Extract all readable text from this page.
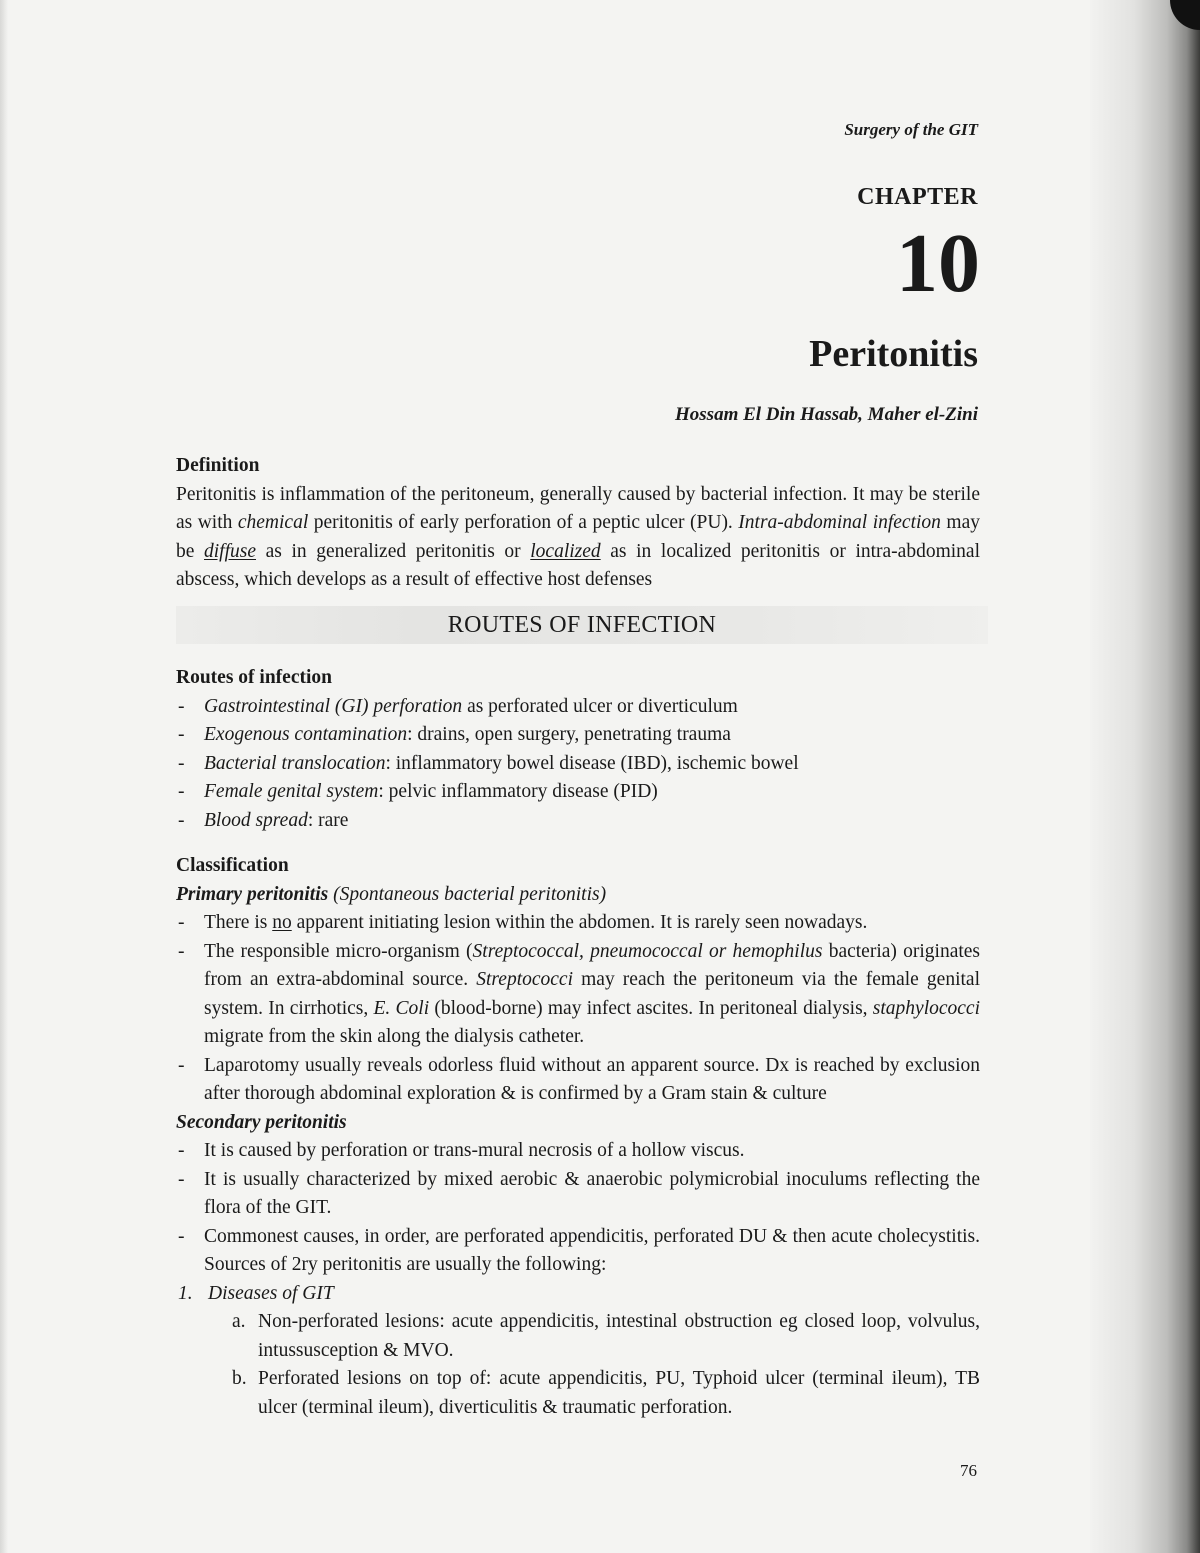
Surgery of the GIT
CHAPTER
10
Peritonitis
Hossam El Din Hassab, Maher el-Zini
Definition
Peritonitis is inflammation of the peritoneum, generally caused by bacterial infection. It may be sterile as with chemical peritonitis of early perforation of a peptic ulcer (PU). Intra-abdominal infection may be diffuse as in generalized peritonitis or localized as in localized peritonitis or intra-abdominal abscess, which develops as a result of effective host defenses
ROUTES OF INFECTION
Routes of infection
- Gastrointestinal (GI) perforation as perforated ulcer or diverticulum
- Exogenous contamination: drains, open surgery, penetrating trauma
- Bacterial translocation: inflammatory bowel disease (IBD), ischemic bowel
- Female genital system: pelvic inflammatory disease (PID)
- Blood spread: rare
Classification
Primary peritonitis (Spontaneous bacterial peritonitis)
- There is no apparent initiating lesion within the abdomen. It is rarely seen nowadays.
- The responsible micro-organism (Streptococcal, pneumococcal or hemophilus bacteria) originates from an extra-abdominal source. Streptococci may reach the peritoneum via the female genital system. In cirrhotics, E. Coli (blood-borne) may infect ascites. In peritoneal dialysis, staphylococci migrate from the skin along the dialysis catheter.
- Laparotomy usually reveals odorless fluid without an apparent source. Dx is reached by exclusion after thorough abdominal exploration & is confirmed by a Gram stain & culture
Secondary peritonitis
- It is caused by perforation or trans-mural necrosis of a hollow viscus.
- It is usually characterized by mixed aerobic & anaerobic polymicrobial inoculums reflecting the flora of the GIT.
- Commonest causes, in order, are perforated appendicitis, perforated DU & then acute cholecystitis. Sources of 2ry peritonitis are usually the following:
1. Diseases of GIT
a. Non-perforated lesions: acute appendicitis, intestinal obstruction eg closed loop, volvulus, intussusception & MVO.
b. Perforated lesions on top of: acute appendicitis, PU, Typhoid ulcer (terminal ileum), TB ulcer (terminal ileum), diverticulitis & traumatic perforation.
76
